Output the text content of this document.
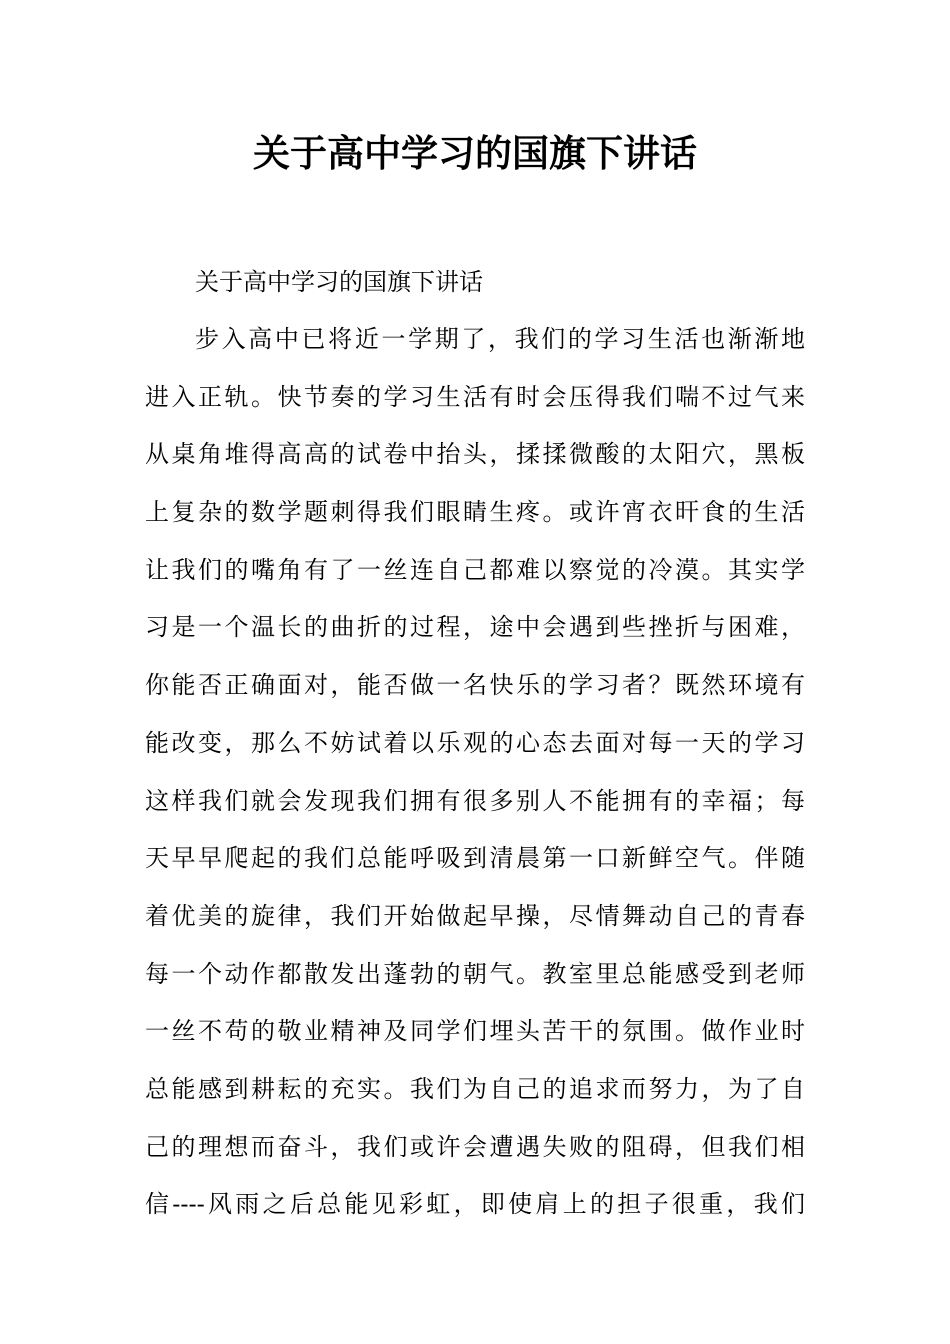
关于高中学习的国旗下讲话

关于高中学习的国旗下讲话

步入高中已将近一学期了，我们的学习生活也渐渐地
进入正轨。快节奏的学习生活有时会压得我们喘不过气来
从桌角堆得高高的试卷中抬头，揉揉微酸的太阳穴，黑板
上复杂的数学题刺得我们眼睛生疼。或许宵衣旰食的生活
让我们的嘴角有了一丝连自己都难以察觉的冷漠。其实学
习是一个温长的曲折的过程，途中会遇到些挫折与困难，
你能否正确面对，能否做一名快乐的学习者？既然环境有
能改变，那么不妨试着以乐观的心态去面对每一天的学习
这样我们就会发现我们拥有很多别人不能拥有的幸福；每
天早早爬起的我们总能呼吸到清晨第一口新鲜空气。伴随
着优美的旋律，我们开始做起早操，尽情舞动自己的青春
每一个动作都散发出蓬勃的朝气。教室里总能感受到老师
一丝不苟的敬业精神及同学们埋头苦干的氛围。做作业时
总能感到耕耘的充实。我们为自己的追求而努力，为了自
己的理想而奋斗，我们或许会遭遇失败的阻碍，但我们相
信----风雨之后总能见彩虹，即使肩上的担子很重，我们
